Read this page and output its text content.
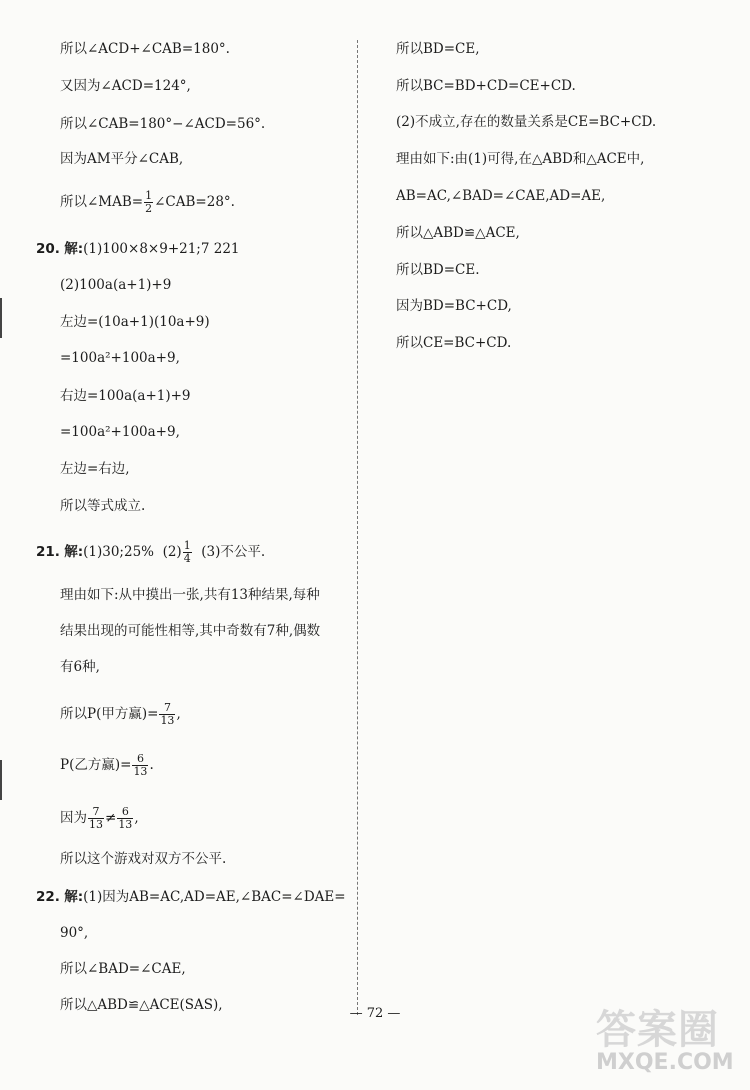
所以∠ACD+∠CAB=180°.
又因为∠ACD=124°,
所以∠CAB=180°−∠ACD=56°.
因为AM平分∠CAB,
所以∠MAB= $\frac{1}{2}$ ∠CAB=28°.
20. 解:(1)100×8×9+21;7 221
(2)100a(a+1)+9
左边=(10a+1)(10a+9)
=100a²+100a+9,
右边=100a(a+1)+9
=100a²+100a+9,
左边=右边,
所以等式成立.
21. 解:(1)30;25%  $(2) \frac{1}{4} (3)$不公平.
理由如下:从中摸出一张,共有13种结果,每种
结果出现的可能性相等,其中奇数有7种,偶数
有6种,
所以P(甲方赢)= $\frac{7}{13}$ ,
P(乙方赢)= $\frac{6}{13}$ .
因为 $\frac{7}{13} \ne \frac{6}{13}$ ,
所以这个游戏对双方不公平.
22. 解:(1)因为AB=AC,AD=AE,∠BAC=∠DAE=
90°,
所以∠BAD=∠CAE,
所以△ABD≌△ACE(SAS),
所以BD=CE,
所以BC=BD+CD=CE+CD.
(2)不成立,存在的数量关系是CE=BC+CD.
理由如下:由(1)可得,在△ABD和△ACE中,
AB=AC,∠BAD=∠CAE,AD=AE,
所以△ABD≌△ACE,
所以BD=CE.
因为BD=BC+CD,
所以CE=BC+CD.
— 72 —	答案圈
MXQE.COM
